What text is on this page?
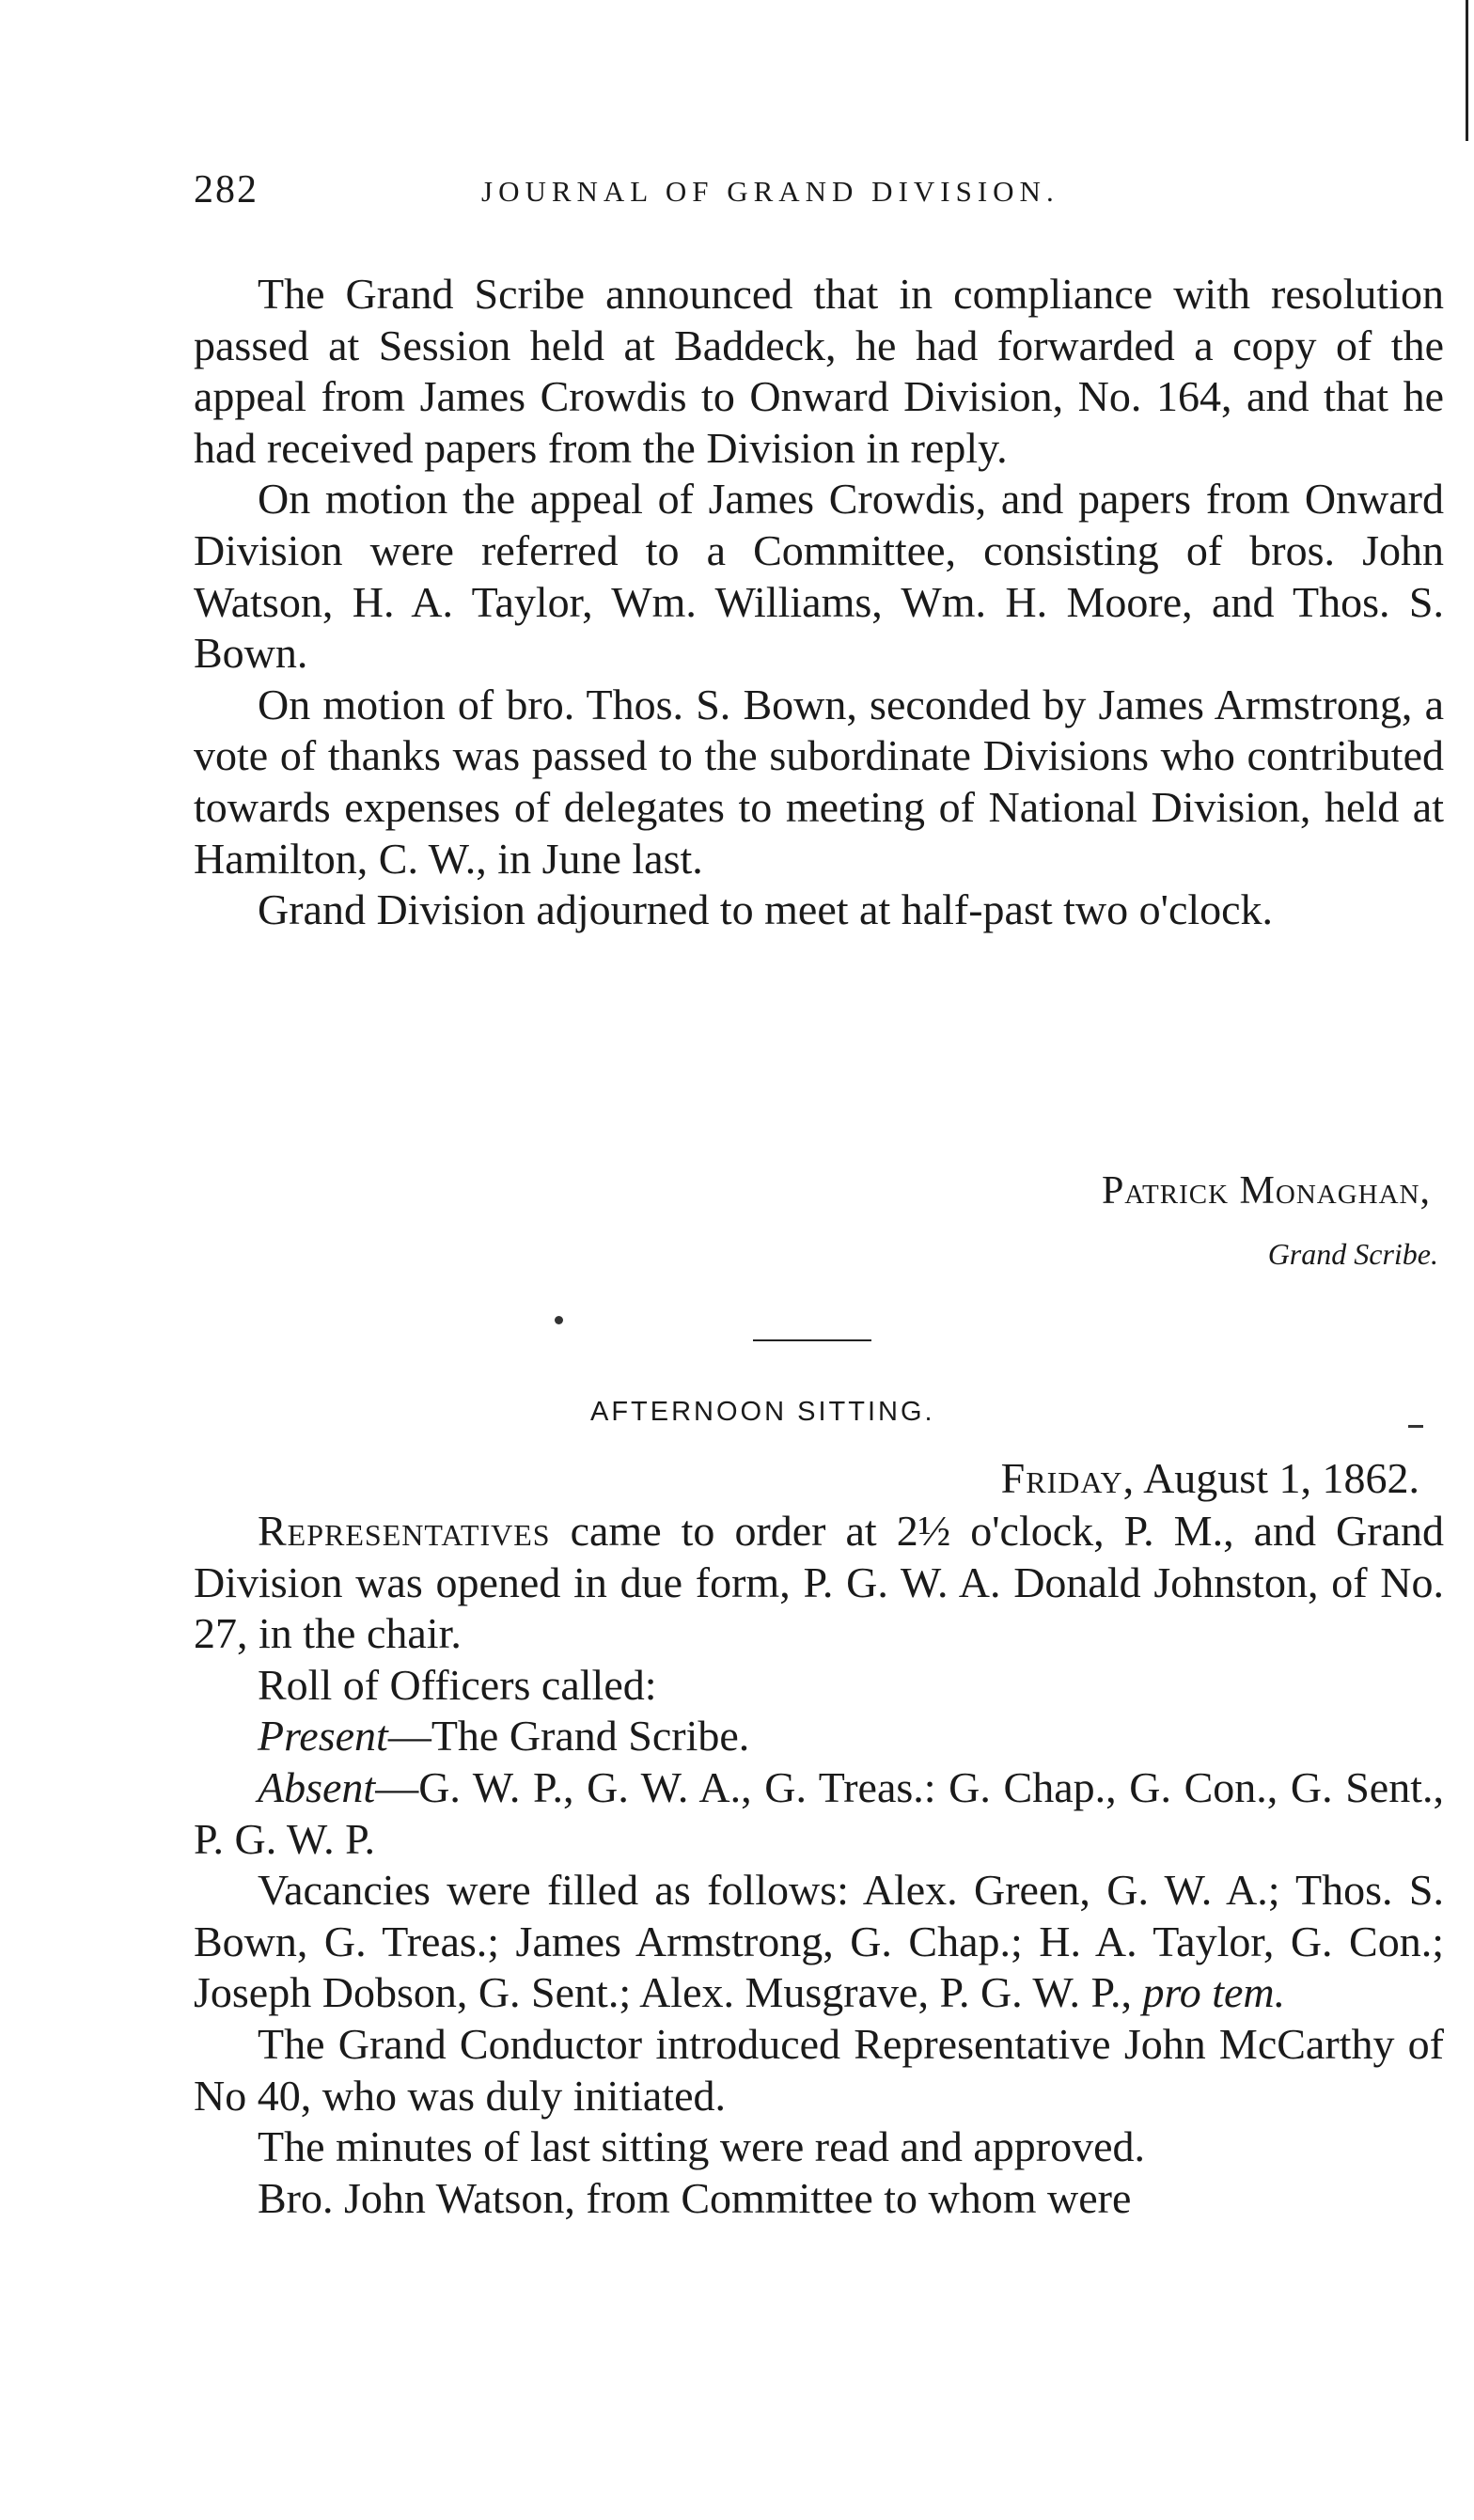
282	JOURNAL OF GRAND DIVISION.

The Grand Scribe announced that in compliance with resolution passed at Session held at Baddeck, he had forwarded a copy of the appeal from James Crowdis to Onward Division, No. 164, and that he had received papers from the Division in reply.

On motion the appeal of James Crowdis, and papers from Onward Division were referred to a Committee, consisting of bros. John Watson, H. A. Taylor, Wm. Williams, Wm. H. Moore, and Thos. S. Bown.

On motion of bro. Thos. S. Bown, seconded by James Armstrong, a vote of thanks was passed to the subordinate Divisions who contributed towards expenses of delegates to meeting of National Division, held at Hamilton, C. W., in June last.

Grand Division adjourned to meet at half-past two o'clock.

Patrick Monaghan,
Grand Scribe.
AFTERNOON SITTING.
Friday, August 1, 1862.

Representatives came to order at 2½ o'clock, P. M., and Grand Division was opened in due form, P. G. W. A. Donald Johnston, of No. 27, in the chair.

Roll of Officers called:

Present—The Grand Scribe.

Absent—G. W. P., G. W. A., G. Treas.: G. Chap., G. Con., G. Sent., P. G. W. P.

Vacancies were filled as follows: Alex. Green, G. W. A.; Thos. S. Bown, G. Treas.; James Armstrong, G. Chap.; H. A. Taylor, G. Con.; Joseph Dobson, G. Sent.; Alex. Musgrave, P. G. W. P., pro tem.

The Grand Conductor introduced Representative John McCarthy of No 40, who was duly initiated.

The minutes of last sitting were read and approved.

Bro. John Watson, from Committee to whom were
